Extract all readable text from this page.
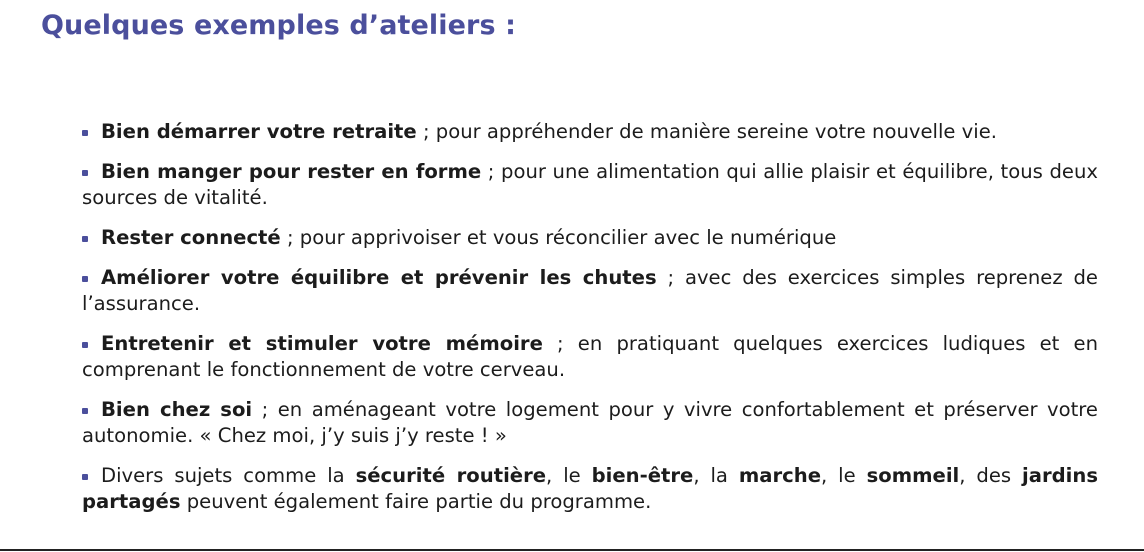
Quelques exemples d’ateliers :
Bien démarrer votre retraite ; pour appréhender de manière sereine votre nouvelle vie.
Bien manger pour rester en forme ; pour une alimentation qui allie plaisir et équilibre, tous deux sources de vitalité.
Rester connecté ; pour apprivoiser et vous réconcilier avec le numérique
Améliorer votre équilibre et prévenir les chutes ; avec des exercices simples reprenez de l’assurance.
Entretenir et stimuler votre mémoire ; en pratiquant quelques exercices ludiques et en comprenant le fonctionnement de votre cerveau.
Bien chez soi ; en aménageant votre logement pour y vivre confortablement et préserver votre autonomie. « Chez moi, j’y suis j’y reste ! »
Divers sujets comme la sécurité routière, le bien-être, la marche, le sommeil, des jardins partagés peuvent également faire partie du programme.
